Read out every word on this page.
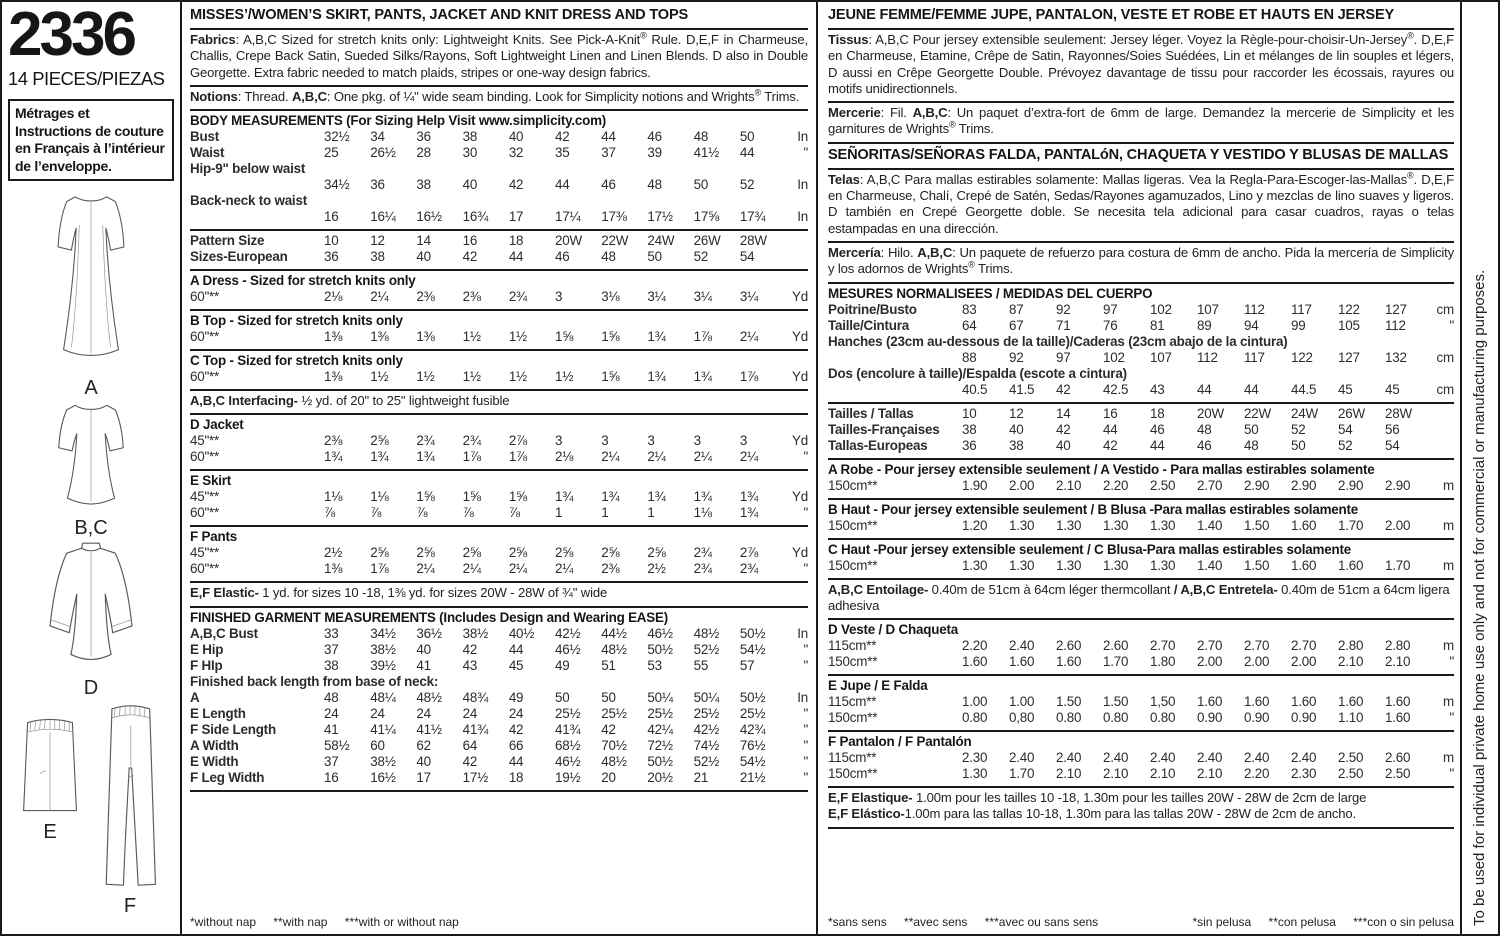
2336
14 PIECES/PIEZAS
Métrages et Instructions de couture en Français à l’intérieur de l’enveloppe.
A
B,C
D
E
F
MISSES’/WOMEN’S SKIRT, PANTS, JACKET AND KNIT DRESS AND TOPS
Fabrics: A,B,C Sized for stretch knits only: Lightweight Knits. See Pick-A-Knit® Rule. D,E,F in Charmeuse, Challis, Crepe Back Satin, Sueded Silks/Rayons, Soft Lightweight Linen and Linen Blends. D also in Double Georgette. Extra fabric needed to match plaids, stripes or one-way design fabrics.
Notions: Thread. A,B,C: One pkg. of ¼" wide seam binding. Look for Simplicity notions and Wrights® Trims.
BODY MEASUREMENTS (For Sizing Help Visit www.simplicity.com)
Bust	32½	34	36	38	40	42	44	46	48	50	In
Waist	25	26½	28	30	32	35	37	39	41½	44	"
Hip-9" below waist
34½	36	38	40	42	44	46	48	50	52	In
Back-neck to waist
16	16¼	16½	16¾	17	17¼	17⅜	17½	17⅝	17¾	In
Pattern Size	10	12	14	16	18	20W	22W	24W	26W	28W
Sizes-European	36	38	40	42	44	46	48	50	52	54
A Dress - Sized for stretch knits only
60"**	2⅛	2¼	2⅜	2⅜	2¾	3	3⅛	3¼	3¼	3¼	Yd
B Top - Sized for stretch knits only
60"**	1⅜	1⅜	1⅜	1½	1½	1⅝	1⅝	1¾	1⅞	2¼	Yd
C Top - Sized for stretch knits only
60"**	1⅜	1½	1½	1½	1½	1½	1⅝	1¾	1¾	1⅞	Yd
A,B,C Interfacing- ½ yd. of 20" to 25" lightweight fusible
D Jacket
45"**	2⅜	2⅝	2¾	2¾	2⅞	3	3	3	3	3	Yd
60"**	1¾	1¾	1¾	1⅞	1⅞	2⅛	2¼	2¼	2¼	2¼	"
E Skirt
45"**	1⅛	1⅛	1⅝	1⅝	1⅝	1¾	1¾	1¾	1¾	1¾	Yd
60"**	⅞	⅞	⅞	⅞	⅞	1	1	1	1⅛	1¾	"
F Pants
45"**	2½	2⅝	2⅝	2⅝	2⅝	2⅝	2⅝	2⅝	2¾	2⅞	Yd
60"**	1⅜	1⅞	2¼	2¼	2¼	2¼	2⅜	2½	2¾	2¾	"
E,F Elastic- 1 yd. for sizes 10 -18, 1⅜ yd. for sizes 20W - 28W of ¾" wide
FINISHED GARMENT MEASUREMENTS (Includes Design and Wearing EASE)
A,B,C Bust	33	34½	36½	38½	40½	42½	44½	46½	48½	50½	In
E Hip	37	38½	40	42	44	46½	48½	50½	52½	54½	"
F HIp	38	39½	41	43	45	49	51	53	55	57	"
Finished back length from base of neck:
A	48	48¼	48½	48¾	49	50	50	50¼	50¼	50½	In
E Length	24	24	24	24	24	25½	25½	25½	25½	25½	"
F Side Length	41	41¼	41½	41¾	42	41¾	42	42¼	42½	42¾	"
A Width	58½	60	62	64	66	68½	70½	72½	74½	76½	"
E Width	37	38½	40	42	44	46½	48½	50½	52½	54½	"
F Leg Width	16	16½	17	17½	18	19½	20	20½	21	21½	"
*without nap **with nap ***with or without nap
JEUNE FEMME/FEMME JUPE, PANTALON, VESTE ET ROBE ET HAUTS EN JERSEY
Tissus: A,B,C Pour jersey extensible seulement: Jersey léger. Voyez la Règle-pour-choisir-Un-Jersey®. D,E,F en Charmeuse, Etamine, Crêpe de Satin, Rayonnes/Soies Suédées, Lin et mélanges de lin souples et légers, D aussi en Crêpe Georgette Double. Prévoyez davantage de tissu pour raccorder les écossais, rayures ou motifs unidirectionnels.
Mercerie: Fil. A,B,C: Un paquet d’extra-fort de 6mm de large. Demandez la mercerie de Simplicity et les garnitures de Wrights® Trims.
SEÑORITAS/SEÑORAS FALDA, PANTALóN, CHAQUETA Y VESTIDO Y BLUSAS DE MALLAS
Telas: A,B,C Para mallas estirables solamente: Mallas ligeras. Vea la Regla-Para-Escoger-las-Mallas®. D,E,F en Charmeuse, Chalí, Crepé de Satén, Sedas/Rayones agamuzados, Lino y mezclas de lino suaves y ligeros. D también en Crepé Georgette doble. Se necesita tela adicional para casar cuadros, rayas o telas estampadas en una dirección.
Mercería: Hilo. A,B,C: Un paquete de refuerzo para costura de 6mm de ancho. Pida la mercería de Simplicity y los adornos de Wrights® Trims.
MESURES NORMALISEES / MEDIDAS DEL CUERPO
Poitrine/Busto	83	87	92	97	102	107	112	117	122	127	cm
Taille/Cintura	64	67	71	76	81	89	94	99	105	112	"
Hanches (23cm au-dessous de la taille)/Caderas (23cm abajo de la cintura)
88	92	97	102	107	112	117	122	127	132	cm
Dos (encolure à taille)/Espalda (escote a cintura)
40.5	41.5	42	42.5	43	44	44	44.5	45	45	cm
Tailles / Tallas	10	12	14	16	18	20W	22W	24W	26W	28W
Tailles-Françaises	38	40	42	44	46	48	50	52	54	56
Tallas-Europeas	36	38	40	42	44	46	48	50	52	54
A Robe - Pour jersey extensible seulement / A Vestido - Para mallas estirables solamente
150cm**	1.90	2.00	2.10	2.20	2.50	2.70	2.90	2.90	2.90	2.90	m
B Haut - Pour jersey extensible seulement / B Blusa -Para mallas estirables solamente
150cm**	1.20	1.30	1.30	1.30	1.30	1.40	1.50	1.60	1.70	2.00	m
C Haut -Pour jersey extensible seulement / C Blusa-Para mallas estirables solamente
150cm**	1.30	1.30	1.30	1.30	1.30	1.40	1.50	1.60	1.60	1.70	m
A,B,C Entoilage- 0.40m de 51cm à 64cm léger thermcollant / A,B,C Entretela- 0.40m de 51cm a 64cm ligera adhesiva
D Veste / D Chaqueta
115cm**	2.20	2.40	2.60	2.60	2.70	2.70	2.70	2.70	2.80	2.80	m
150cm**	1.60	1.60	1.60	1.70	1.80	2.00	2.00	2.00	2.10	2.10	"
E Jupe / E Falda
115cm**	1.00	1.00	1.50	1.50	1,50	1.60	1.60	1.60	1.60	1.60	m
150cm**	0.80	0,80	0.80	0.80	0.80	0.90	0.90	0.90	1.10	1.60	"
F Pantalon / F Pantalón
115cm**	2.30	2.40	2.40	2.40	2.40	2.40	2.40	2.40	2.50	2.60	m
150cm**	1.30	1.70	2.10	2.10	2.10	2.10	2.20	2.30	2.50	2.50	"
E,F Elastique- 1.00m pour les tailles 10 -18, 1.30m pour les tailles 20W - 28W de 2cm de large
E,F Elástico-1.00m para las tallas 10-18, 1.30m para las tallas 20W - 28W de 2cm de ancho.
*sans sens **avec sens ***avec ou sans sens	*sin pelusa **con pelusa ***con o sin pelusa To be used for individual private home use only and not for commercial or manufacturing purposes.
